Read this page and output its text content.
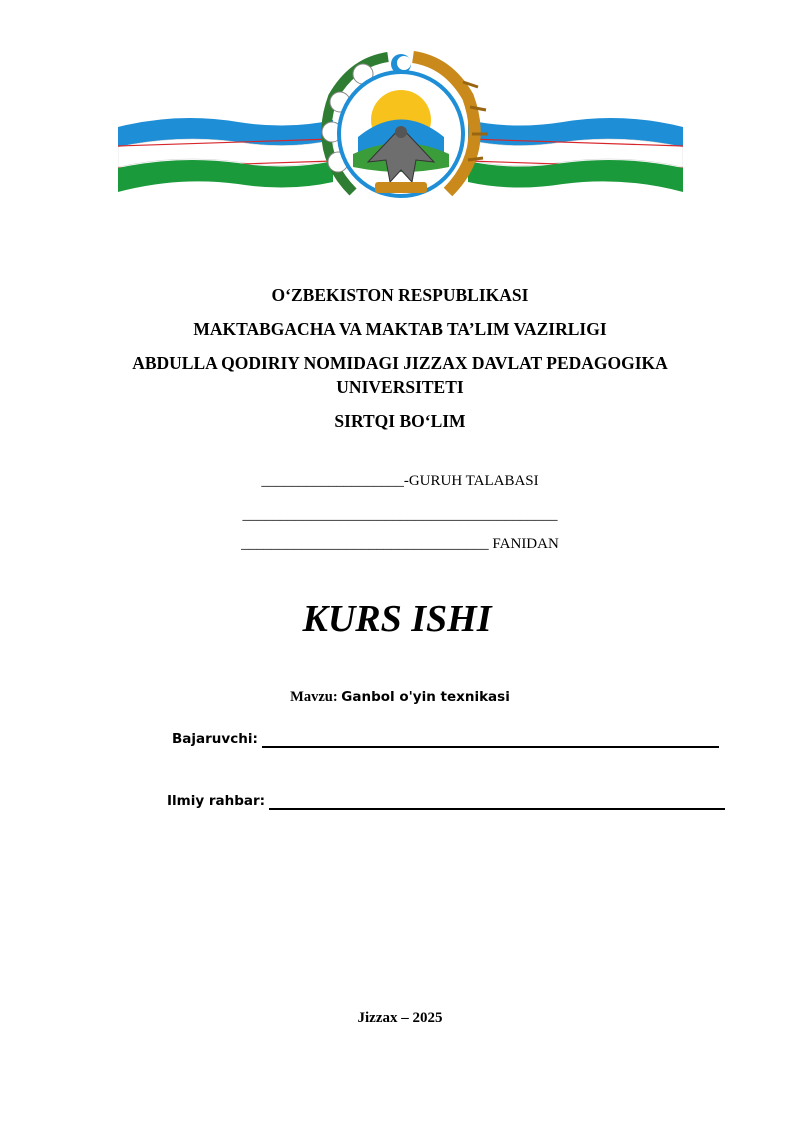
O‘ZBEKISTON RESPUBLIKASI
MAKTABGACHA VA MAKTAB TA’LIM VAZIRLIGI
ABDULLA QODIRIY NOMIDAGI JIZZAX DAVLAT PEDAGOGIKA
UNIVERSITETI
SIRTQI BO‘LIM
___________________-GURUH TALABASI
__________________________________________
_________________________________ FANIDAN
KURS ISHI
Mavzu: Ganbol o'yin texnikasi
Bajaruvchi:
Ilmiy rahbar:
Jizzax – 2025
